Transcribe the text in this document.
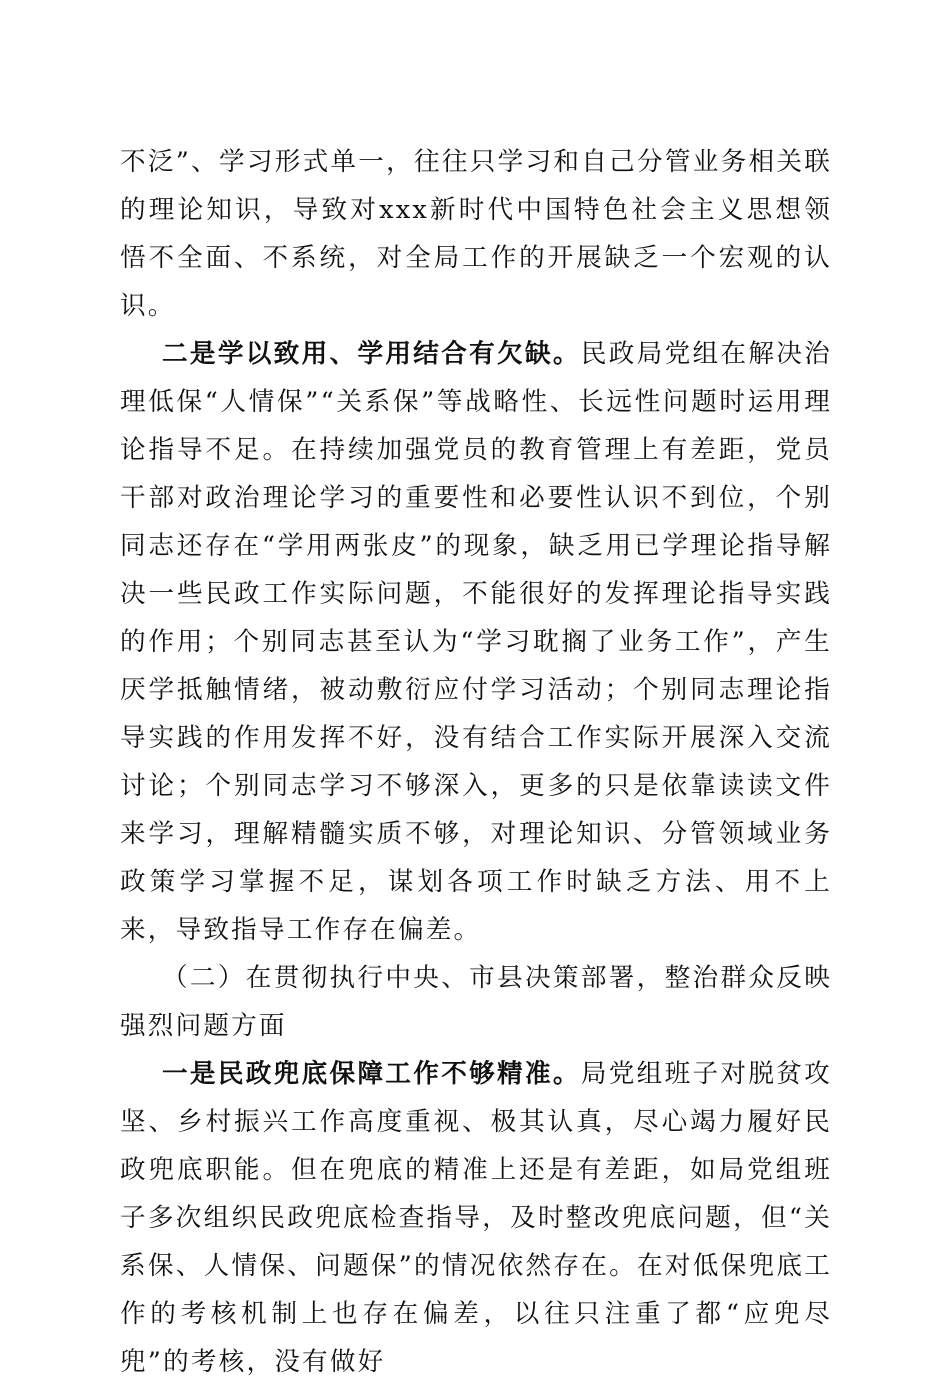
不泛”、学习形式单一，往往只学习和自己分管业务相关联的理论知识，导致对xxx新时代中国特色社会主义思想领悟不全面、不系统，对全局工作的开展缺乏一个宏观的认识。

二是学以致用、学用结合有欠缺。民政局党组在解决治理低保“人情保”“关系保”等战略性、长远性问题时运用理论指导不足。在持续加强党员的教育管理上有差距，党员干部对政治理论学习的重要性和必要性认识不到位，个别同志还存在“学用两张皮”的现象，缺乏用已学理论指导解决一些民政工作实际问题，不能很好的发挥理论指导实践的作用；个别同志甚至认为“学习耽搁了业务工作”，产生厌学抵触情绪，被动敷衍应付学习活动；个别同志理论指导实践的作用发挥不好，没有结合工作实际开展深入交流讨论；个别同志学习不够深入，更多的只是依靠读读文件来学习，理解精髓实质不够，对理论知识、分管领域业务政策学习掌握不足，谋划各项工作时缺乏方法、用不上来，导致指导工作存在偏差。

（二）在贯彻执行中央、市县决策部署，整治群众反映强烈问题方面

一是民政兜底保障工作不够精准。局党组班子对脱贫攻坚、乡村振兴工作高度重视、极其认真，尽心竭力履好民政兜底职能。但在兜底的精准上还是有差距，如局党组班子多次组织民政兜底检查指导，及时整改兜底问题，但“关系保、人情保、问题保”的情况依然存在。在对低保兜底工作的考核机制上也存在偏差，以往只注重了都“应兜尽兜”的考核，没有做好
